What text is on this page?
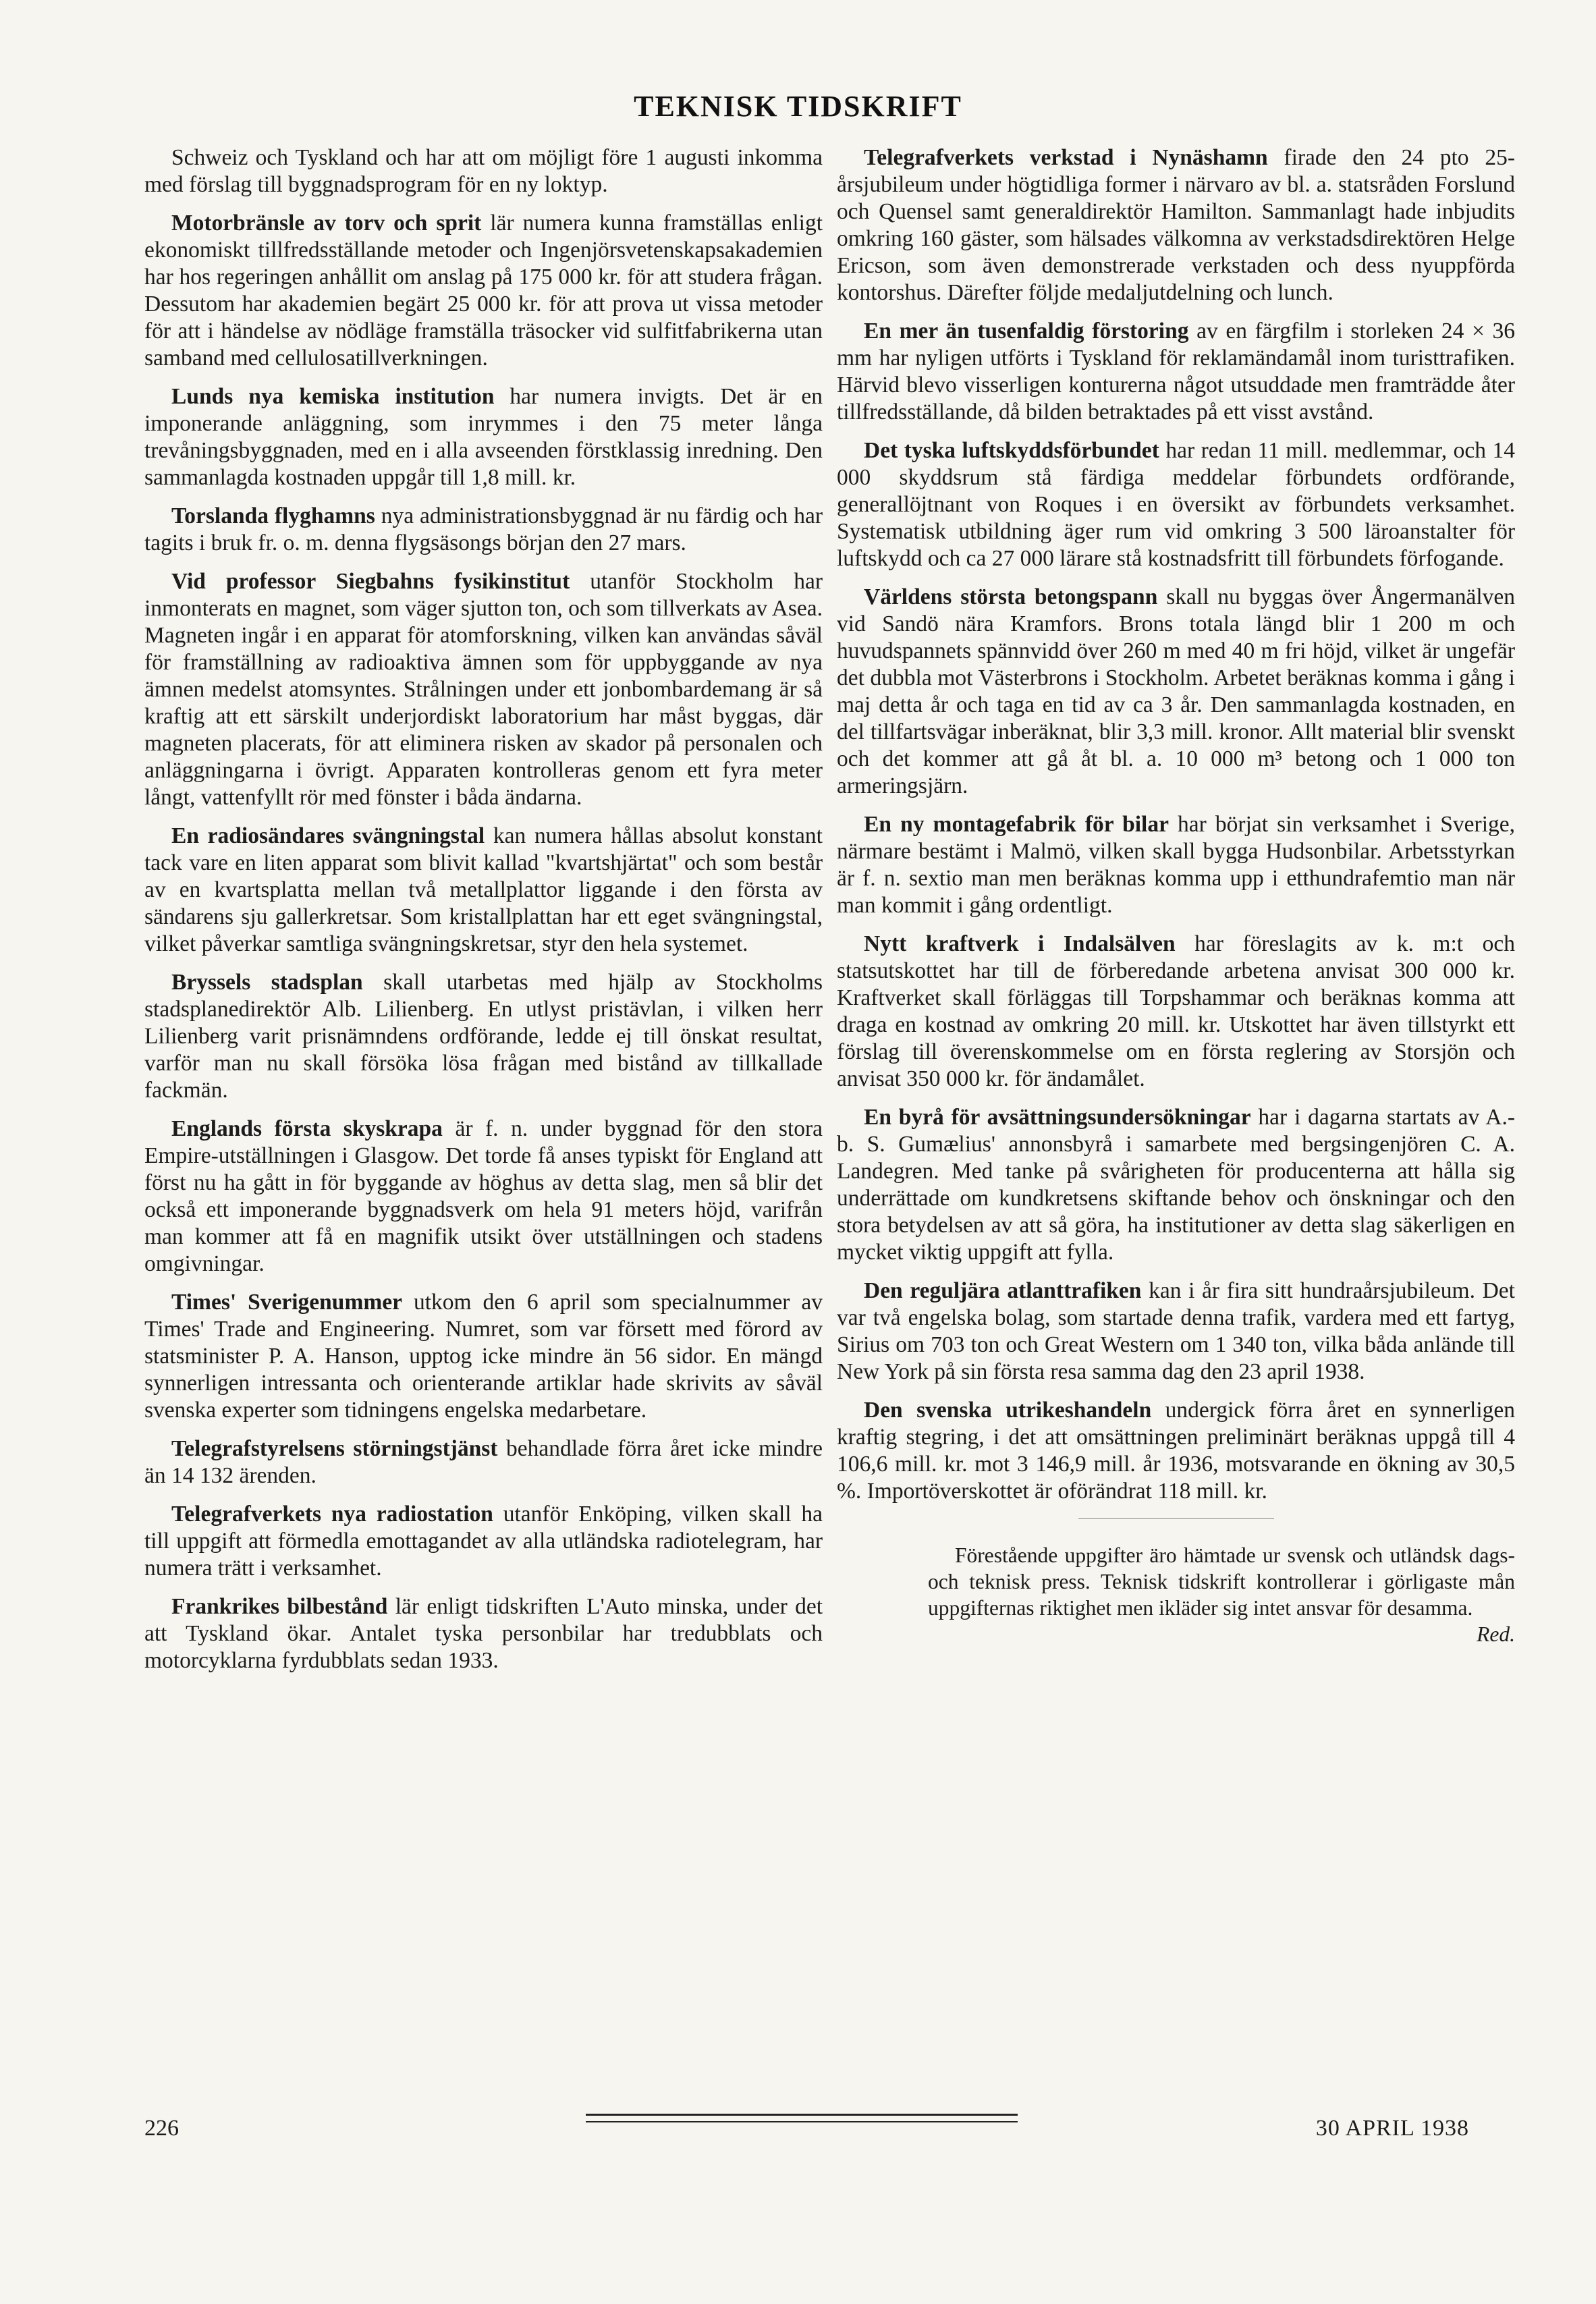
TEKNISK TIDSKRIFT

Schweiz och Tyskland och har att om möjligt före 1 augusti inkomma med förslag till byggnadsprogram för en ny loktyp.

Motorbränsle av torv och sprit lär numera kunna framställas enligt ekonomiskt tillfredsställande metoder och Ingenjörsvetenskapsakademien har hos regeringen anhållit om anslag på 175 000 kr. för att studera frågan. Dessutom har akademien begärt 25 000 kr. för att prova ut vissa metoder för att i händelse av nödläge framställa träsocker vid sulfitfabrikerna utan samband med cellulosatillverkningen.

Lunds nya kemiska institution har numera invigts. Det är en imponerande anläggning, som inrymmes i den 75 meter långa trevåningsbyggnaden, med en i alla avseenden förstklassig inredning. Den sammanlagda kostnaden uppgår till 1,8 mill. kr.

Torslanda flyghamns nya administrationsbyggnad är nu färdig och har tagits i bruk fr. o. m. denna flygsäsongs början den 27 mars.

Vid professor Siegbahns fysikinstitut utanför Stockholm har inmonterats en magnet, som väger sjutton ton, och som tillverkats av Asea. Magneten ingår i en apparat för atomforskning, vilken kan användas såväl för framställning av radioaktiva ämnen som för uppbyggande av nya ämnen medelst atomsyntes. Strålningen under ett jonbombardemang är så kraftig att ett särskilt underjordiskt laboratorium har måst byggas, där magneten placerats, för att eliminera risken av skador på personalen och anläggningarna i övrigt. Apparaten kontrolleras genom ett fyra meter långt, vattenfyllt rör med fönster i båda ändarna.

En radiosändares svängningstal kan numera hållas absolut konstant tack vare en liten apparat som blivit kallad "kvartshjärtat" och som består av en kvartsplatta mellan två metallplattor liggande i den första av sändarens sju gallerkretsar. Som kristallplattan har ett eget svängningstal, vilket påverkar samtliga svängningskretsar, styr den hela systemet.

Bryssels stadsplan skall utarbetas med hjälp av Stockholms stadsplanedirektör Alb. Lilienberg. En utlyst pristävlan, i vilken herr Lilienberg varit prisnämndens ordförande, ledde ej till önskat resultat, varför man nu skall försöka lösa frågan med bistånd av tillkallade fackmän.

Englands första skyskrapa är f. n. under byggnad för den stora Empire-utställningen i Glasgow. Det torde få anses typiskt för England att först nu ha gått in för byggande av höghus av detta slag, men så blir det också ett imponerande byggnadsverk om hela 91 meters höjd, varifrån man kommer att få en magnifik utsikt över utställningen och stadens omgivningar.

Times' Sverigenummer utkom den 6 april som specialnummer av Times' Trade and Engineering. Numret, som var försett med förord av statsminister P. A. Hanson, upptog icke mindre än 56 sidor. En mängd synnerligen intressanta och orienterande artiklar hade skrivits av såväl svenska experter som tidningens engelska medarbetare.

Telegrafstyrelsens störningstjänst behandlade förra året icke mindre än 14 132 ärenden.

Telegrafverkets nya radiostation utanför Enköping, vilken skall ha till uppgift att förmedla emottagandet av alla utländska radiotelegram, har numera trätt i verksamhet.

Frankrikes bilbestånd lär enligt tidskriften L'Auto minska, under det att Tyskland ökar. Antalet tyska personbilar har tredubblats och motorcyklarna fyrdubblats sedan 1933.

Telegrafverkets verkstad i Nynäshamn firade den 24 pto 25-årsjubileum under högtidliga former i närvaro av bl. a. statsråden Forslund och Quensel samt generaldirektör Hamilton. Sammanlagt hade inbjudits omkring 160 gäster, som hälsades välkomna av verkstadsdirektören Helge Ericson, som även demonstrerade verkstaden och dess nyuppförda kontorshus. Därefter följde medaljutdelning och lunch.

En mer än tusenfaldig förstoring av en färgfilm i storleken 24 × 36 mm har nyligen utförts i Tyskland för reklamändamål inom turisttrafiken. Härvid blevo visserligen konturerna något utsuddade men framträdde åter tillfredsställande, då bilden betraktades på ett visst avstånd.

Det tyska luftskyddsförbundet har redan 11 mill. medlemmar, och 14 000 skyddsrum stå färdiga meddelar förbundets ordförande, generallöjtnant von Roques i en översikt av förbundets verksamhet. Systematisk utbildning äger rum vid omkring 3 500 läroanstalter för luftskydd och ca 27 000 lärare stå kostnadsfritt till förbundets förfogande.

Världens största betongspann skall nu byggas över Ångermanälven vid Sandö nära Kramfors. Brons totala längd blir 1 200 m och huvudspannets spännvidd över 260 m med 40 m fri höjd, vilket är ungefär det dubbla mot Västerbrons i Stockholm. Arbetet beräknas komma i gång i maj detta år och taga en tid av ca 3 år. Den sammanlagda kostnaden, en del tillfartsvägar inberäknat, blir 3,3 mill. kronor. Allt material blir svenskt och det kommer att gå åt bl. a. 10 000 m³ betong och 1 000 ton armeringsjärn.

En ny montagefabrik för bilar har börjat sin verksamhet i Sverige, närmare bestämt i Malmö, vilken skall bygga Hudsonbilar. Arbetsstyrkan är f. n. sextio man men beräknas komma upp i etthundrafemtio man när man kommit i gång ordentligt.

Nytt kraftverk i Indalsälven har föreslagits av k. m:t och statsutskottet har till de förberedande arbetena anvisat 300 000 kr. Kraftverket skall förläggas till Torpshammar och beräknas komma att draga en kostnad av omkring 20 mill. kr. Utskottet har även tillstyrkt ett förslag till överenskommelse om en första reglering av Storsjön och anvisat 350 000 kr. för ändamålet.

En byrå för avsättningsundersökningar har i dagarna startats av A.-b. S. Gumælius' annonsbyrå i samarbete med bergsingenjören C. A. Landegren. Med tanke på svårigheten för producenterna att hålla sig underrättade om kundkretsens skiftande behov och önskningar och den stora betydelsen av att så göra, ha institutioner av detta slag säkerligen en mycket viktig uppgift att fylla.

Den reguljära atlanttrafiken kan i år fira sitt hundraårsjubileum. Det var två engelska bolag, som startade denna trafik, vardera med ett fartyg, Sirius om 703 ton och Great Western om 1 340 ton, vilka båda anlände till New York på sin första resa samma dag den 23 april 1938.

Den svenska utrikeshandeln undergick förra året en synnerligen kraftig stegring, i det att omsättningen preliminärt beräknas uppgå till 4 106,6 mill. kr. mot 3 146,9 mill. år 1936, motsvarande en ökning av 30,5 %. Importöverskottet är oförändrat 118 mill. kr.

Förestående uppgifter äro hämtade ur svensk och utländsk dags- och teknisk press. Teknisk tidskrift kontrollerar i görligaste mån uppgifternas riktighet men ikläder sig intet ansvar för desamma.
Red.

226	30 APRIL 1938
